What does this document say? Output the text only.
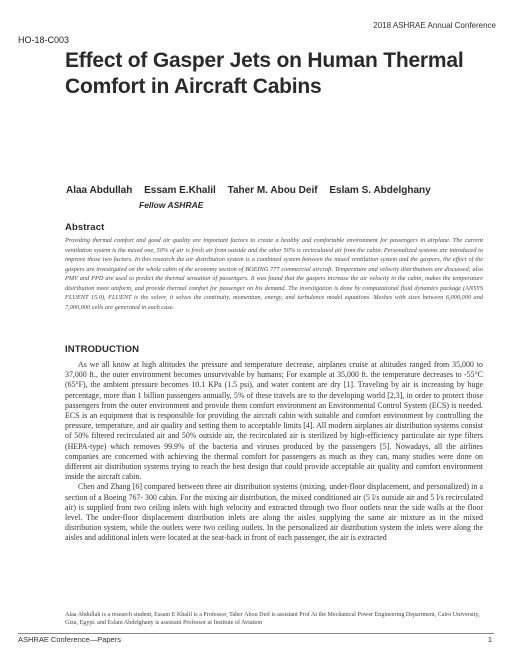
2018 ASHRAE Annual Conference
HO-18-C003
Effect of Gasper Jets on Human Thermal Comfort in Aircraft Cabins
Alaa Abdullah Essam E.Khalil Taher M. Abou Deif Eslam S. Abdelghany
Fellow ASHRAE
Abstract
Providing thermal comfort and good air quality are important factors to create a healthy and comfortable environment for passengers in airplane. The current ventilation system is the mixed one, 50% of air is fresh air from outside and the other 50% is recirculated air from the cabin. Personalized systems are introduced to improve those two factors. In this research the air distribution system is a combined system between the mixed ventilation system and the gaspers, the effect of the gaspers are investigated on the whole cabin of the economy section of BOEING 777 commercial aircraft. Temperature and velocity distributions are discussed; also PMV and PPD are used to predict the thermal sensation of passengers. It was found that the gaspers increase the air velocity in the cabin, makes the temperature distribution more uniform, and provide thermal comfort for passenger on his demand. The investigation is done by computational fluid dynamics package (ANSYS FLUENT 15.0), FLUENT is the solver, it solves the continuity, momentum, energy, and turbulence model equations. Meshes with sizes between 6,000,000 and 7,000,000 cells are generated in each case.
INTRODUCTION

As we all know at high altitudes the pressure and temperature decrease, airplanes cruise at altitudes ranged from 35,000 to 37,000 ft., the outer environment becomes unsurvivable by humans; For example at 35,000 ft. the temperature decreases to -55°C (65°F), the ambient pressure becomes 10.1 KPa (1.5 psi), and water content are dry [1]. Traveling by air is increasing by huge percentage, more than 1 billion passengers annually, 5% of these travels are to the developing world [2,3], in order to protect those passengers from the outer environment and provide them comfort environment an Environmental Control System (ECS) is needed. ECS is an equipment that is responsible for providing the aircraft cabin with suitable and comfort environment by controlling the pressure, temperature, and air quality and setting them to acceptable limits [4]. All modern airplanes air distribution systems consist of 50% filtered recirculated air and 50% outside air, the recirculated air is sterilized by high-efficiency particulate air type filters (HEPA-type) which removes 99.9% of the bacteria and viruses produced by the passengers [5]. Nowadays, all the airlines companies are concerned with achieving the thermal comfort for passengers as much as they can, many studies were done on different air distribution systems trying to reach the best design that could provide acceptable air quality and comfort environment inside the aircraft cabin.

Chen and Zhang [6] compared between three air distribution systems (mixing, under-floor displacement, and personalized) in a section of a Boeing 767- 300 cabin. For the mixing air distribution, the mixed conditioned air (5 l/s outside air and 5 l/s recirculated air) is supplied from two ceiling inlets with high velocity and extracted through two floor outlets near the side walls at the floor level. The under-floor displacement distribution inlets are along the aisles supplying the same air mixture as in the mixed distribution system, while the outlets were two ceiling outlets. In the personalized air distribution system the inlets were along the aisles and additional inlets were located at the seat-back in front of each passenger, the air is extracted

Alaa Abdullah is a research student, Essam E Khalil is a Professor, Taher Abou Deif is assistant Prof At the Mechanical Power Engineering Department, Cairo University, Giza, Egypt. and Eslam Abdelghany is assistant Professor at Institute of Aviation
ASHRAE Conference—Papers	1
